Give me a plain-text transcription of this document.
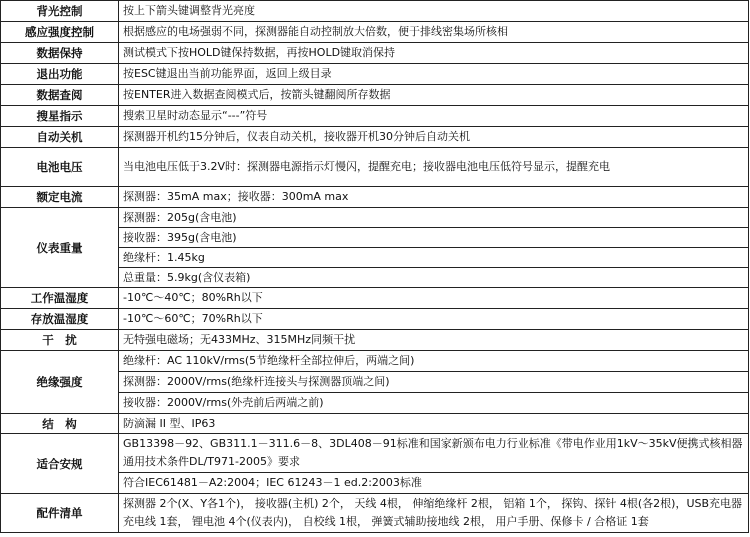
背光控制	按上下箭头键调整背光亮度
感应强度控制	根据感应的电场强弱不同，探测器能自动控制放大倍数，便于排线密集场所核相
数据保持	测试模式下按HOLD键保持数据，再按HOLD键取消保持
退出功能	按ESC键退出当前功能界面，返回上级目录
数据查阅	按ENTER进入数据查阅模式后，按箭头键翻阅所存数据
搜星指示	搜索卫星时动态显示“---”符号
自动关机	探测器开机约15分钟后，仪表自动关机，接收器开机30分钟后自动关机
电池电压	当电池电压低于3.2V时：探测器电源指示灯慢闪，提醒充电；接收器电池电压低符号显示，提醒充电
额定电流	探测器：35mA max；接收器：300mA max
仪表重量	探测器：205g(含电池)
	接收器：395g(含电池)
	绝缘杆：1.45kg
	总重量：5.9kg(含仪表箱)
工作温湿度	-10℃～40℃；80%Rh以下
存放温湿度	-10℃～60℃；70%Rh以下
干　扰	无特强电磁场；无433MHz、315MHz同频干扰
绝缘强度	绝缘杆：AC 110kV/rms(5节绝缘杆全部拉伸后，两端之间)
	探测器：2000V/rms(绝缘杆连接头与探测器顶端之间)
	接收器：2000V/rms(外壳前后两端之前)
结　构	防滴漏 II 型、IP63
适合安规	GB13398－92、GB311.1－311.6－8、3DL408－91标准和国家新颁布电力行业标准《带电作业用1kV～35kV便携式核相器通用技术条件DL/T971-2005》要求
	符合IEC61481－A2:2004；IEC 61243－1 ed.2:2003标准
配件清单	探测器 2个(X、Y各1个)， 接收器(主机) 2个， 天线 4根， 伸缩绝缘杆 2根， 铝箱 1个， 探钩、探针 4根(各2根)，USB充电器充电线 1套， 锂电池 4个(仪表内)， 自校线 1根， 弹簧式辅助接地线 2根， 用户手册、保修卡 / 合格证 1套
